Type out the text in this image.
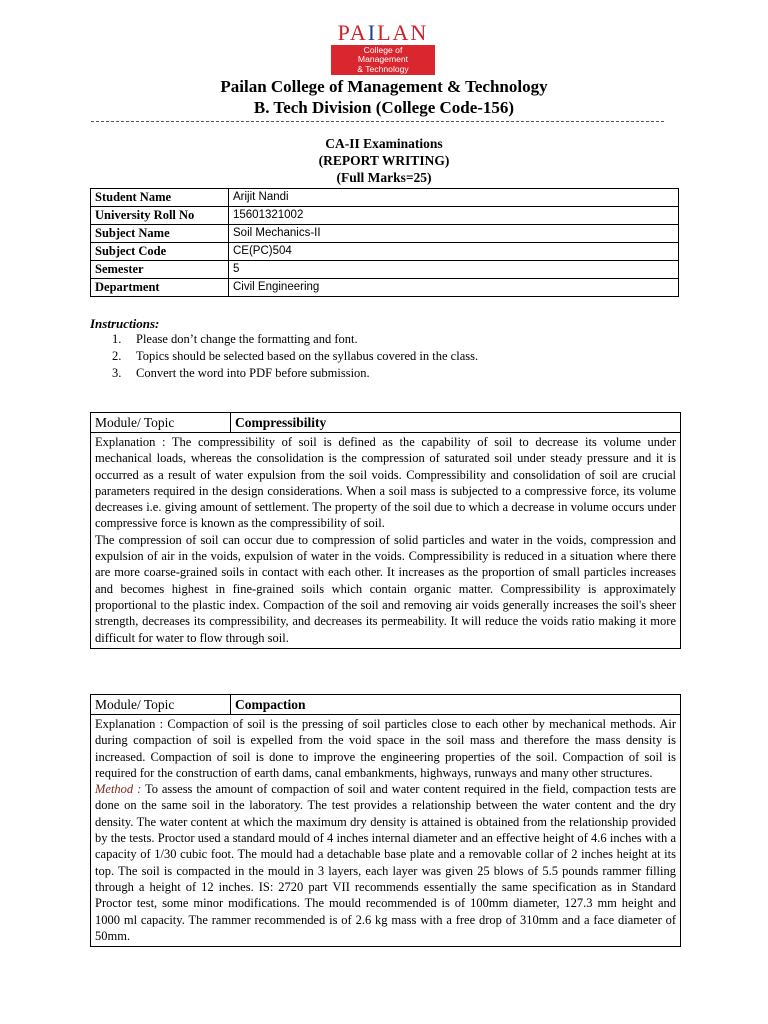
PAILAN
College of
Management
& Technology
Pailan College of Management & Technology
B. Tech Division (College Code-156)
CA-II Examinations
(REPORT WRITING)
(Full Marks=25)
Student Name	Arijit Nandi
University Roll No	15601321002
Subject Name	Soil Mechanics-II
Subject Code	CE(PC)504
Semester	5
Department	Civil Engineering
Instructions:
1.	Please don’t change the formatting and font.
2.	Topics should be selected based on the syllabus covered in the class.
3.	Convert the word into PDF before submission.
Module/ Topic	Compressibility

Explanation : The compressibility of soil is defined as the capability of soil to decrease its volume under mechanical loads, whereas the consolidation is the compression of saturated soil under steady pressure and it is occurred as a result of water expulsion from the soil voids. Compressibility and consolidation of soil are crucial parameters required in the design considerations. When a soil mass is subjected to a compressive force, its volume decreases i.e. giving amount of settlement. The property of the soil due to which a decrease in volume occurs under compressive force is known as the compressibility of soil.

The compression of soil can occur due to compression of solid particles and water in the voids, compression and expulsion of air in the voids, expulsion of water in the voids. Compressibility is reduced in a situation where there are more coarse-grained soils in contact with each other. It increases as the proportion of small particles increases and becomes highest in fine-grained soils which contain organic matter. Compressibility is approximately proportional to the plastic index. Compaction of the soil and removing air voids generally increases the soil's sheer strength, decreases its compressibility, and decreases its permeability. It will reduce the voids ratio making it more difficult for water to flow through soil.

Module/ Topic	Compaction

Explanation : Compaction of soil is the pressing of soil particles close to each other by mechanical methods. Air during compaction of soil is expelled from the void space in the soil mass and therefore the mass density is increased. Compaction of soil is done to improve the engineering properties of the soil. Compaction of soil is required for the construction of earth dams, canal embankments, highways, runways and many other structures.

Method : To assess the amount of compaction of soil and water content required in the field, compaction tests are done on the same soil in the laboratory. The test provides a relationship between the water content and the dry density. The water content at which the maximum dry density is attained is obtained from the relationship provided by the tests. Proctor used a standard mould of 4 inches internal diameter and an effective height of 4.6 inches with a capacity of 1/30 cubic foot. The mould had a detachable base plate and a removable collar of 2 inches height at its top. The soil is compacted in the mould in 3 layers, each layer was given 25 blows of 5.5 pounds rammer filling through a height of 12 inches. IS: 2720 part VII recommends essentially the same specification as in Standard Proctor test, some minor modifications. The mould recommended is of 100mm diameter, 127.3 mm height and 1000 ml capacity. The rammer recommended is of 2.6 kg mass with a free drop of 310mm and a face diameter of 50mm.
